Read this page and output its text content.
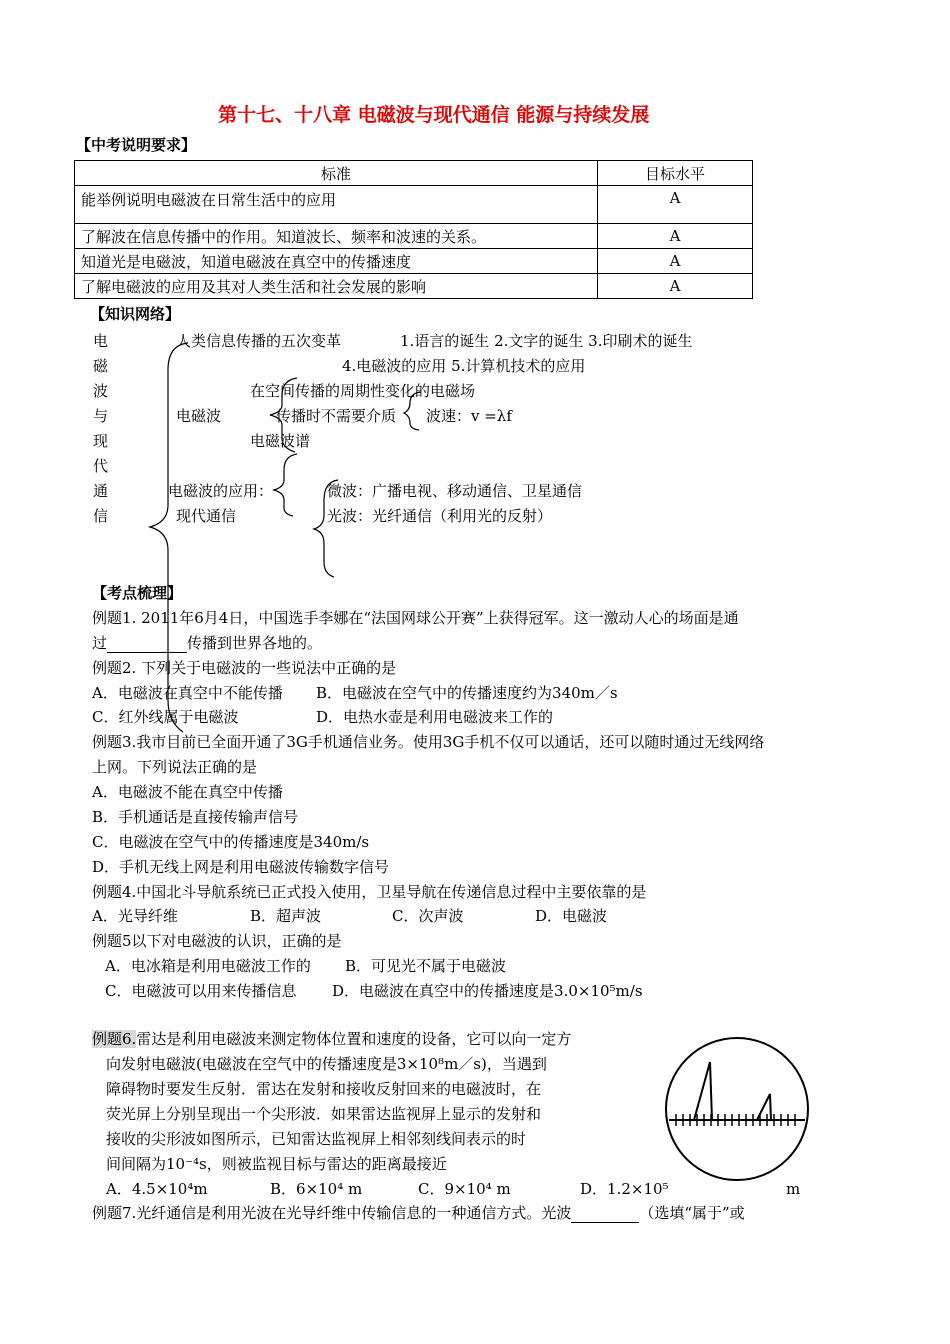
第十七、十八章 电磁波与现代通信 能源与持续发展
【中考说明要求】
标准	目标水平
能举例说明电磁波在日常生活中的应用	A
了解波在信息传播中的作用。知道波长、频率和波速的关系。	A
知道光是电磁波，知道电磁波在真空中的传播速度	A
了解电磁波的应用及其对人类生活和社会发展的影响	A
【知识网络】
电
磁
波
与
现
代
通
信
人类信息传播的五次变革	1.语言的诞生 2.文字的诞生 3.印刷术的诞生
4.电磁波的应用 5.计算机技术的应用
在空间传播的周期性变化的电磁场
电磁波	传播时不需要介质 波速：v =λf
电磁波谱
电磁波的应用：	微波：广播电视、移动通信、卫星通信
现代通信	光波：光纤通信（利用光的反射）
【考点梳理】
例题1. 2011年6月4日，中国选手李娜在“法国网球公开赛”上获得冠军。这一激动人心的场面是通
过	传播到世界各地的。
例题2. 下列关于电磁波的一些说法中正确的是
A．电磁波在真空中不能传播 B．电磁波在空气中的传播速度约为340m／s
C．红外线属于电磁波	D．电热水壶是利用电磁波来工作的
例题3.我市目前已全面开通了3G手机通信业务。使用3G手机不仅可以通话，还可以随时通过无线网络
上网。下列说法正确的是
A．电磁波不能在真空中传播
B．手机通话是直接传输声信号
C．电磁波在空气中的传播速度是340m/s
D．手机无线上网是利用电磁波传输数字信号
例题4.中国北斗导航系统已正式投入使用，卫星导航在传递信息过程中主要依靠的是
A．光导纤维	B．超声波	C．次声波	D．电磁波
例题5以下对电磁波的认识，正确的是
A．电冰箱是利用电磁波工作的 B．可见光不属于电磁波
C．电磁波可以用来传播信息 D．电磁波在真空中的传播速度是3.0×10⁵m/s
例题6.雷达是利用电磁波来测定物体位置和速度的设备，它可以向一定方
向发射电磁波(电磁波在空气中的传播速度是3×10⁸m／s)，当遇到
障碍物时要发生反射．雷达在发射和接收反射回来的电磁波时，在
荧光屏上分别呈现出一个尖形波．如果雷达监视屏上显示的发射和
接收的尖形波如图所示，已知雷达监视屏上相邻刻线间表示的时
间间隔为10⁻⁴s，则被监视目标与雷达的距离最接近
A．4.5×10⁴m	B．6×10⁴ m	C．9×10⁴ m	D．1.2×10⁵	m
例题7.光纤通信是利用光波在光导纤维中传输信息的一种通信方式。光波	（选填“属于”或
